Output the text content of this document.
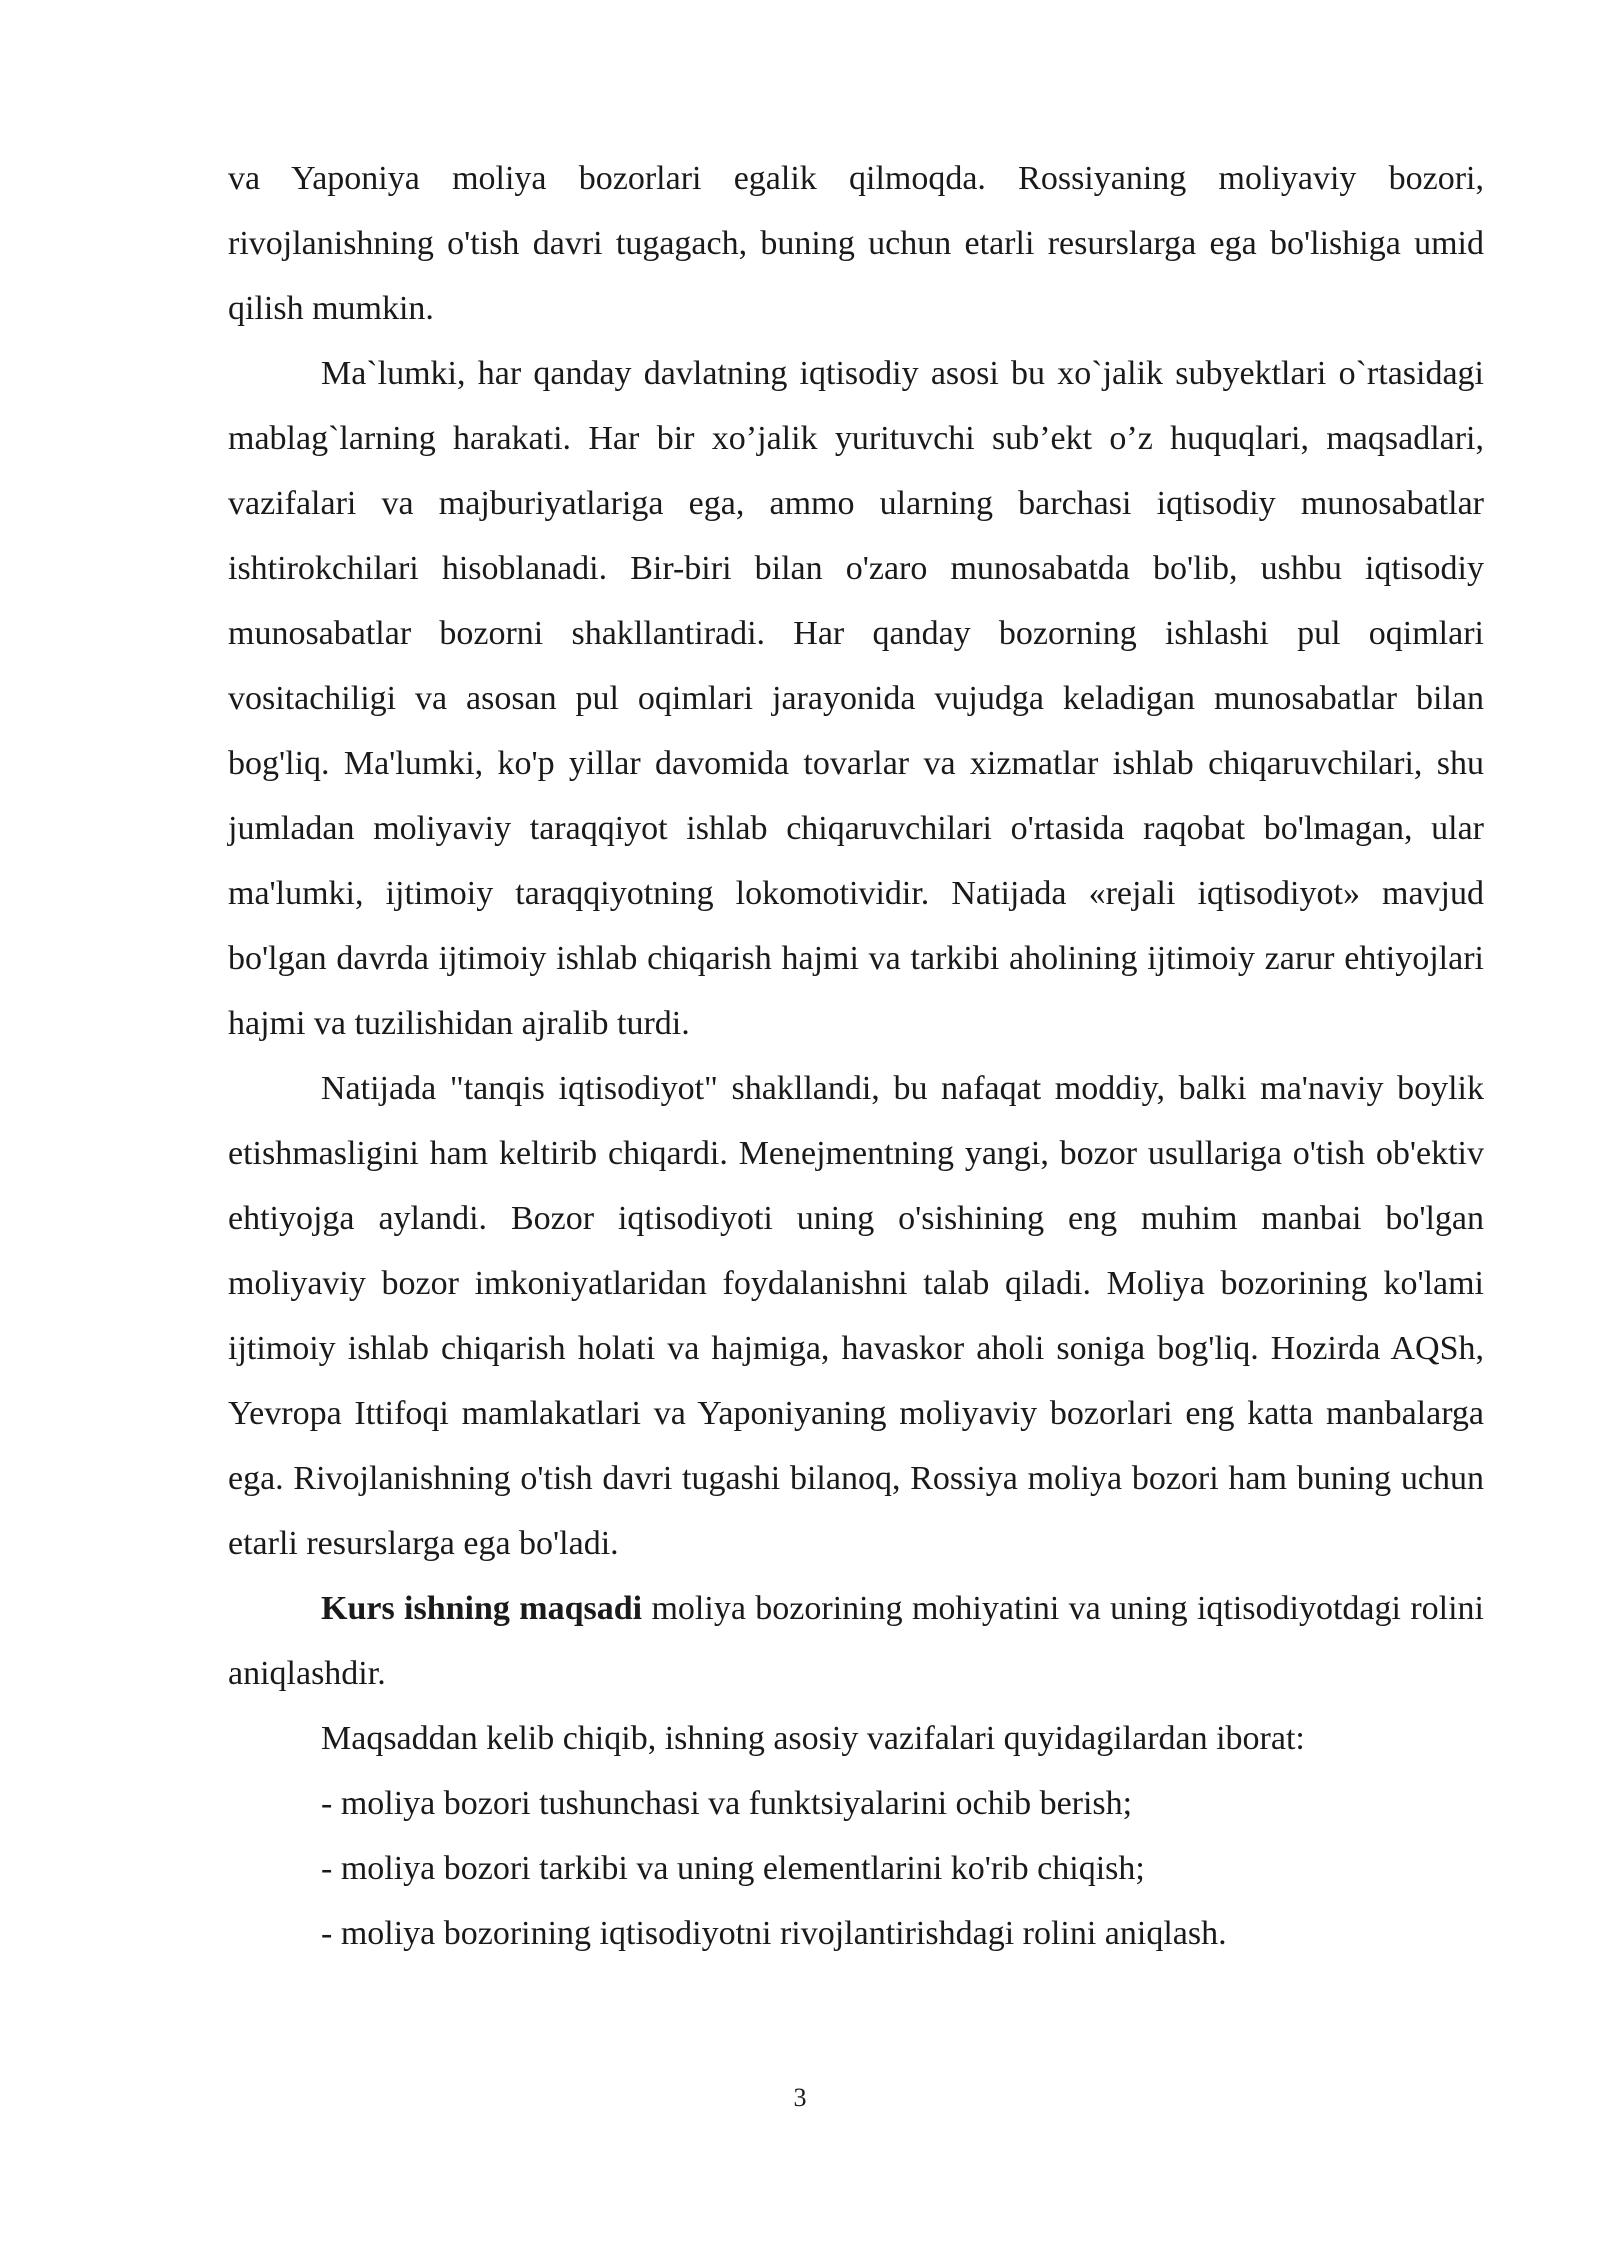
va Yaponiya moliya bozorlari egalik qilmoqda. Rossiyaning moliyaviy bozori, rivojlanishning o'tish davri tugagach, buning uchun etarli resurslarga ega bo'lishiga umid qilish mumkin.

Ma`lumki, har qanday davlatning iqtisodiy asosi bu xo`jalik subyektlari o`rtasidagi mablag`larning harakati. Har bir xo’jalik yurituvchi sub’ekt o’z huquqlari, maqsadlari, vazifalari va majburiyatlariga ega, ammo ularning barchasi iqtisodiy munosabatlar ishtirokchilari hisoblanadi. Bir-biri bilan o'zaro munosabatda bo'lib, ushbu iqtisodiy munosabatlar bozorni shakllantiradi. Har qanday bozorning ishlashi pul oqimlari vositachiligi va asosan pul oqimlari jarayonida vujudga keladigan munosabatlar bilan bog'liq. Ma'lumki, ko'p yillar davomida tovarlar va xizmatlar ishlab chiqaruvchilari, shu jumladan moliyaviy taraqqiyot ishlab chiqaruvchilari o'rtasida raqobat bo'lmagan, ular ma'lumki, ijtimoiy taraqqiyotning lokomotividir. Natijada «rejali iqtisodiyot» mavjud bo'lgan davrda ijtimoiy ishlab chiqarish hajmi va tarkibi aholining ijtimoiy zarur ehtiyojlari hajmi va tuzilishidan ajralib turdi.

Natijada "tanqis iqtisodiyot" shakllandi, bu nafaqat moddiy, balki ma'naviy boylik etishmasligini ham keltirib chiqardi. Menejmentning yangi, bozor usullariga o'tish ob'ektiv ehtiyojga aylandi. Bozor iqtisodiyoti uning o'sishining eng muhim manbai bo'lgan moliyaviy bozor imkoniyatlaridan foydalanishni talab qiladi. Moliya bozorining ko'lami ijtimoiy ishlab chiqarish holati va hajmiga, havaskor aholi soniga bog'liq. Hozirda AQSh, Yevropa Ittifoqi mamlakatlari va Yaponiyaning moliyaviy bozorlari eng katta manbalarga ega. Rivojlanishning o'tish davri tugashi bilanoq, Rossiya moliya bozori ham buning uchun etarli resurslarga ega bo'ladi.

Kurs ishning maqsadi moliya bozorining mohiyatini va uning iqtisodiyotdagi rolini aniqlashdir.

Maqsaddan kelib chiqib, ishning asosiy vazifalari quyidagilardan iborat:

- moliya bozori tushunchasi va funktsiyalarini ochib berish;

- moliya bozori tarkibi va uning elementlarini ko'rib chiqish;

- moliya bozorining iqtisodiyotni rivojlantirishdagi rolini aniqlash.

3
